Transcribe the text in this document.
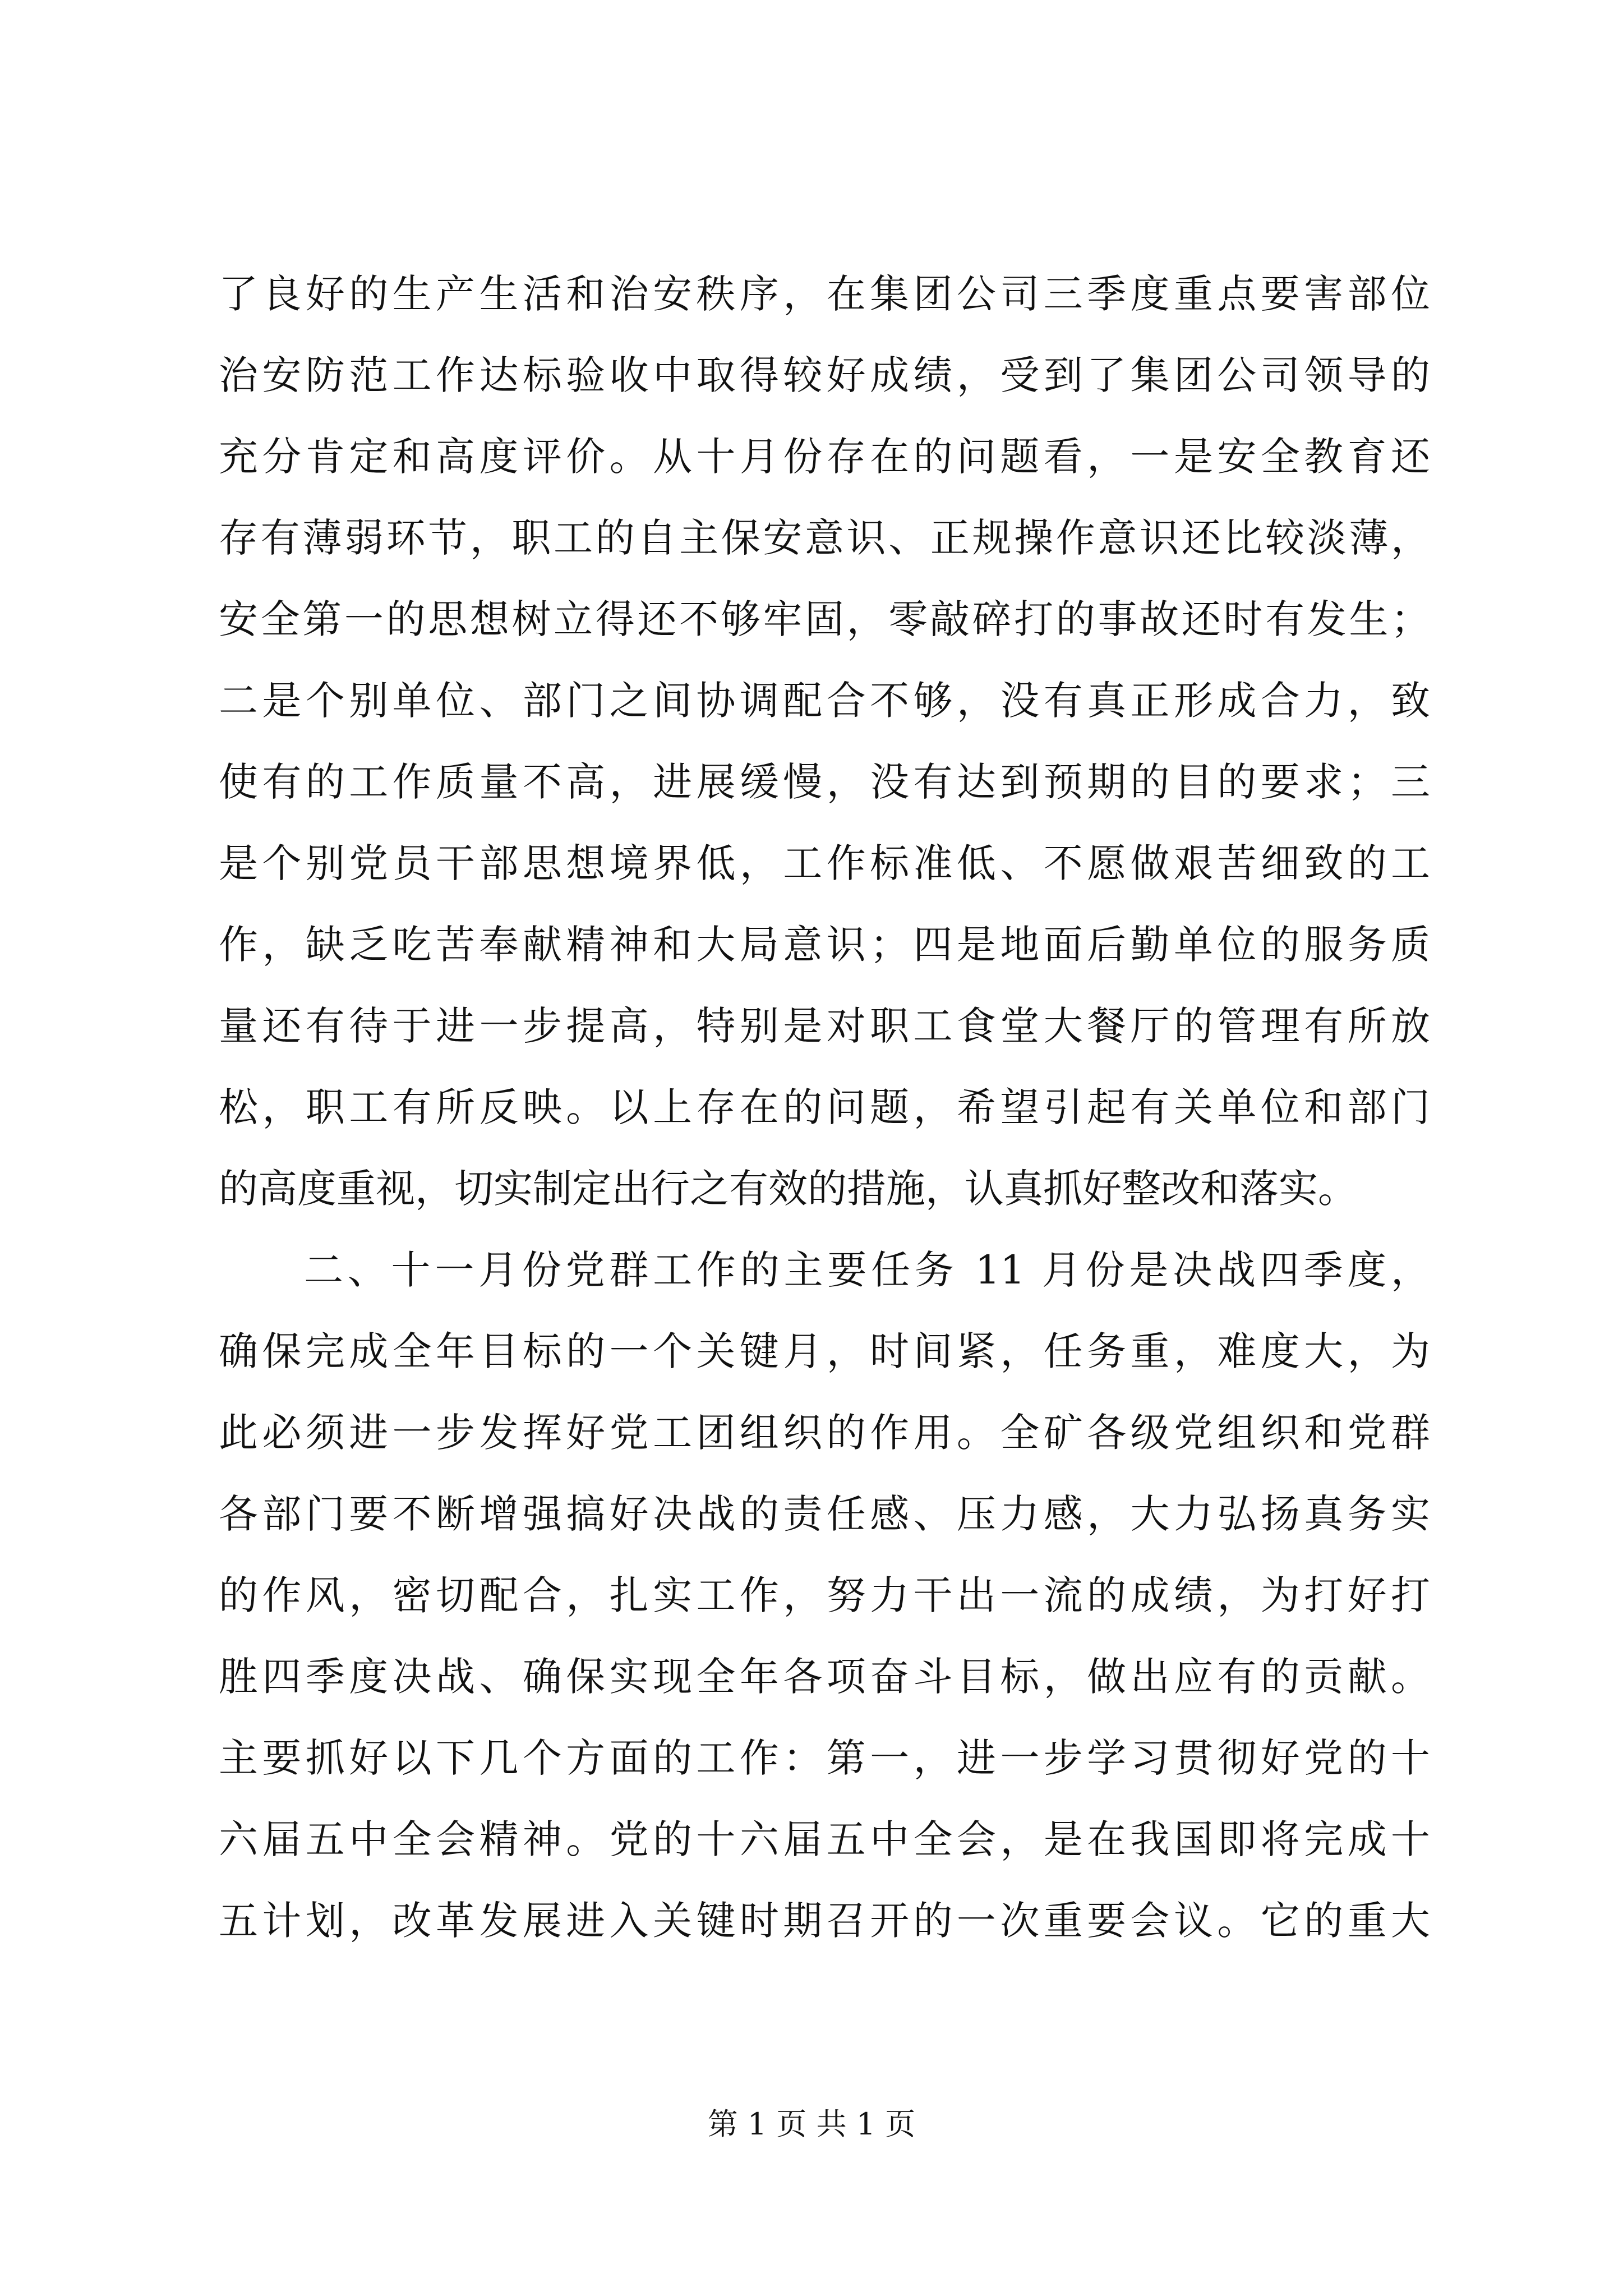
了良好的生产生活和治安秩序，在集团公司三季度重点要害部位
治安防范工作达标验收中取得较好成绩，受到了集团公司领导的
充分肯定和高度评价。从十月份存在的问题看，一是安全教育还
存有薄弱环节，职工的自主保安意识、正规操作意识还比较淡薄，
安全第一的思想树立得还不够牢固，零敲碎打的事故还时有发生；
二是个别单位、部门之间协调配合不够，没有真正形成合力，致
使有的工作质量不高，进展缓慢，没有达到预期的目的要求；三
是个别党员干部思想境界低，工作标准低、不愿做艰苦细致的工
作，缺乏吃苦奉献精神和大局意识；四是地面后勤单位的服务质
量还有待于进一步提高，特别是对职工食堂大餐厅的管理有所放
松，职工有所反映。以上存在的问题，希望引起有关单位和部门
的高度重视，切实制定出行之有效的措施，认真抓好整改和落实。
二、十一月份党群工作的主要任务 11 月份是决战四季度，
确保完成全年目标的一个关键月，时间紧，任务重，难度大，为
此必须进一步发挥好党工团组织的作用。全矿各级党组织和党群
各部门要不断增强搞好决战的责任感、压力感，大力弘扬真务实
的作风，密切配合，扎实工作，努力干出一流的成绩，为打好打
胜四季度决战、确保实现全年各项奋斗目标，做出应有的贡献。
主要抓好以下几个方面的工作：第一，进一步学习贯彻好党的十
六届五中全会精神。党的十六届五中全会，是在我国即将完成十
五计划，改革发展进入关键时期召开的一次重要会议。它的重大
第 1 页 共 1 页
